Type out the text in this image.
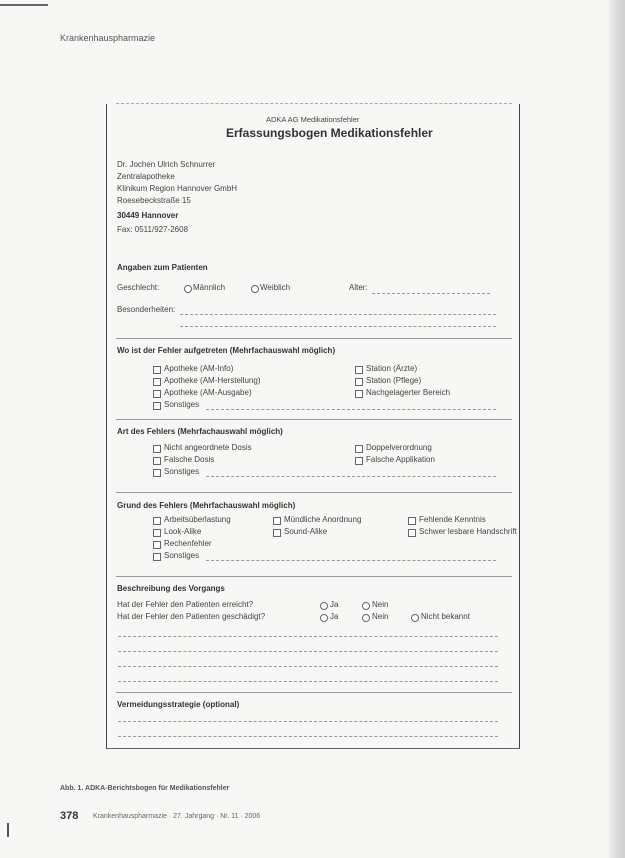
Krankenhauspharmazie
ADKA AG Medikationsfehler
Erfassungsbogen Medikationsfehler
Dr. Jochen Ulrich Schnurrer
Zentralapotheke
Klinikum Region Hannover GmbH
Roesebeckstraße 15
30449 Hannover
Fax: 0511/927-2608
Angaben zum Patienten
Geschlecht:	Männlich	Weiblich	Alter:
Besonderheiten:
Wo ist der Fehler aufgetreten (Mehrfachauswahl möglich)
Apotheke (AM-Info)
Apotheke (AM-Herstellung)
Apotheke (AM-Ausgabe)
Sonstiges
Station (Ärzte)
Station (Pflege)
Nachgelagerter Bereich
Art des Fehlers (Mehrfachauswahl möglich)
Nicht angeordnete Dosis
Falsche Dosis
Sonstiges
Doppelverordnung
Falsche Applikation
Grund des Fehlers (Mehrfachauswahl möglich)
Arbeitsüberlastung
Look-Alike
Rechenfehler
Sonstiges
Mündliche Anordnung
Sound-Alike
Fehlende Kenntnis
Schwer lesbare Handschrift
Beschreibung des Vorgangs
Hat der Fehler den Patienten erreicht?	Ja	Nein
Hat der Fehler den Patienten geschädigt?	Ja	Nein	Nicht bekannt
Vermeidungsstrategie (optional)
Abb. 1. ADKA-Berichtsbogen für Medikationsfehler
378 Krankenhauspharmazie · 27. Jahrgang · Nr. 11 · 2006
